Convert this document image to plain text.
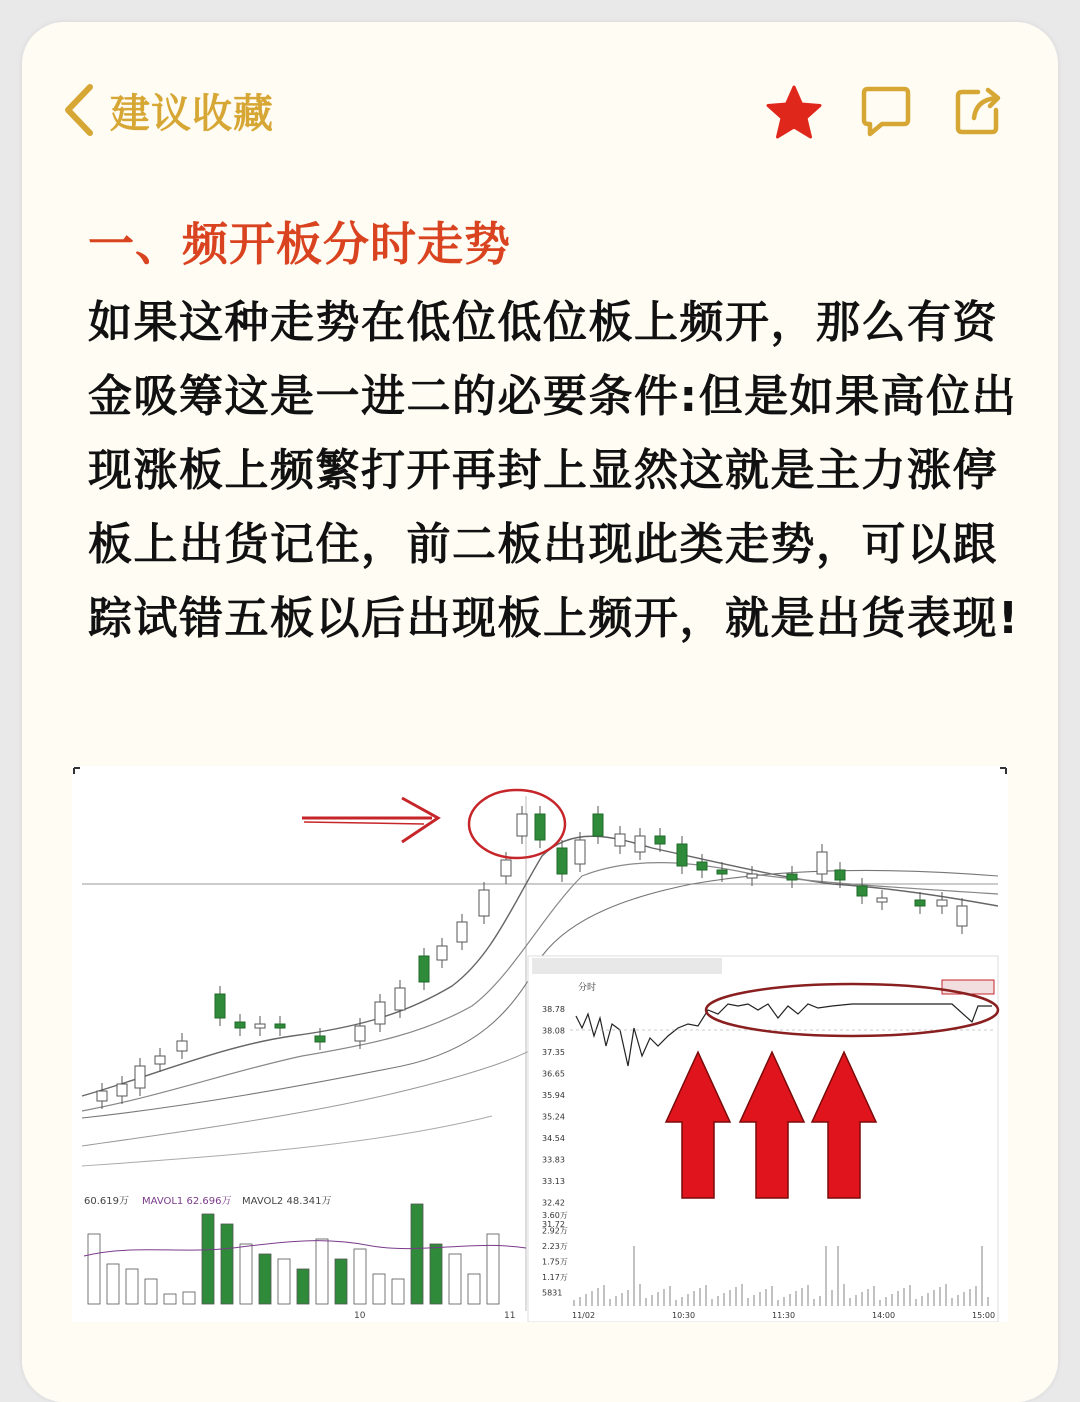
建议收藏
一、频开板分时走势
如果这种走势在低位低位板上频开，那么有资金吸筹这是一进二的必要条件:但是如果高位出现涨板上频繁打开再封上显然这就是主力涨停板上出货记住，前二板出现此类走势，可以跟踪试错五板以后出现板上频开，就是出货表现!
60.619万 MAVOL1 62.696万 MAVOL2 48.341万
10	11
分时
38.78
38.08
37.35
36.65
35.94
35.24
34.54
33.83
33.13
32.42
31.72
3.60万
2.92万
2.23万
1.75万
1.17万
5831
11/02	10:30	11:30	14:00	15:00
